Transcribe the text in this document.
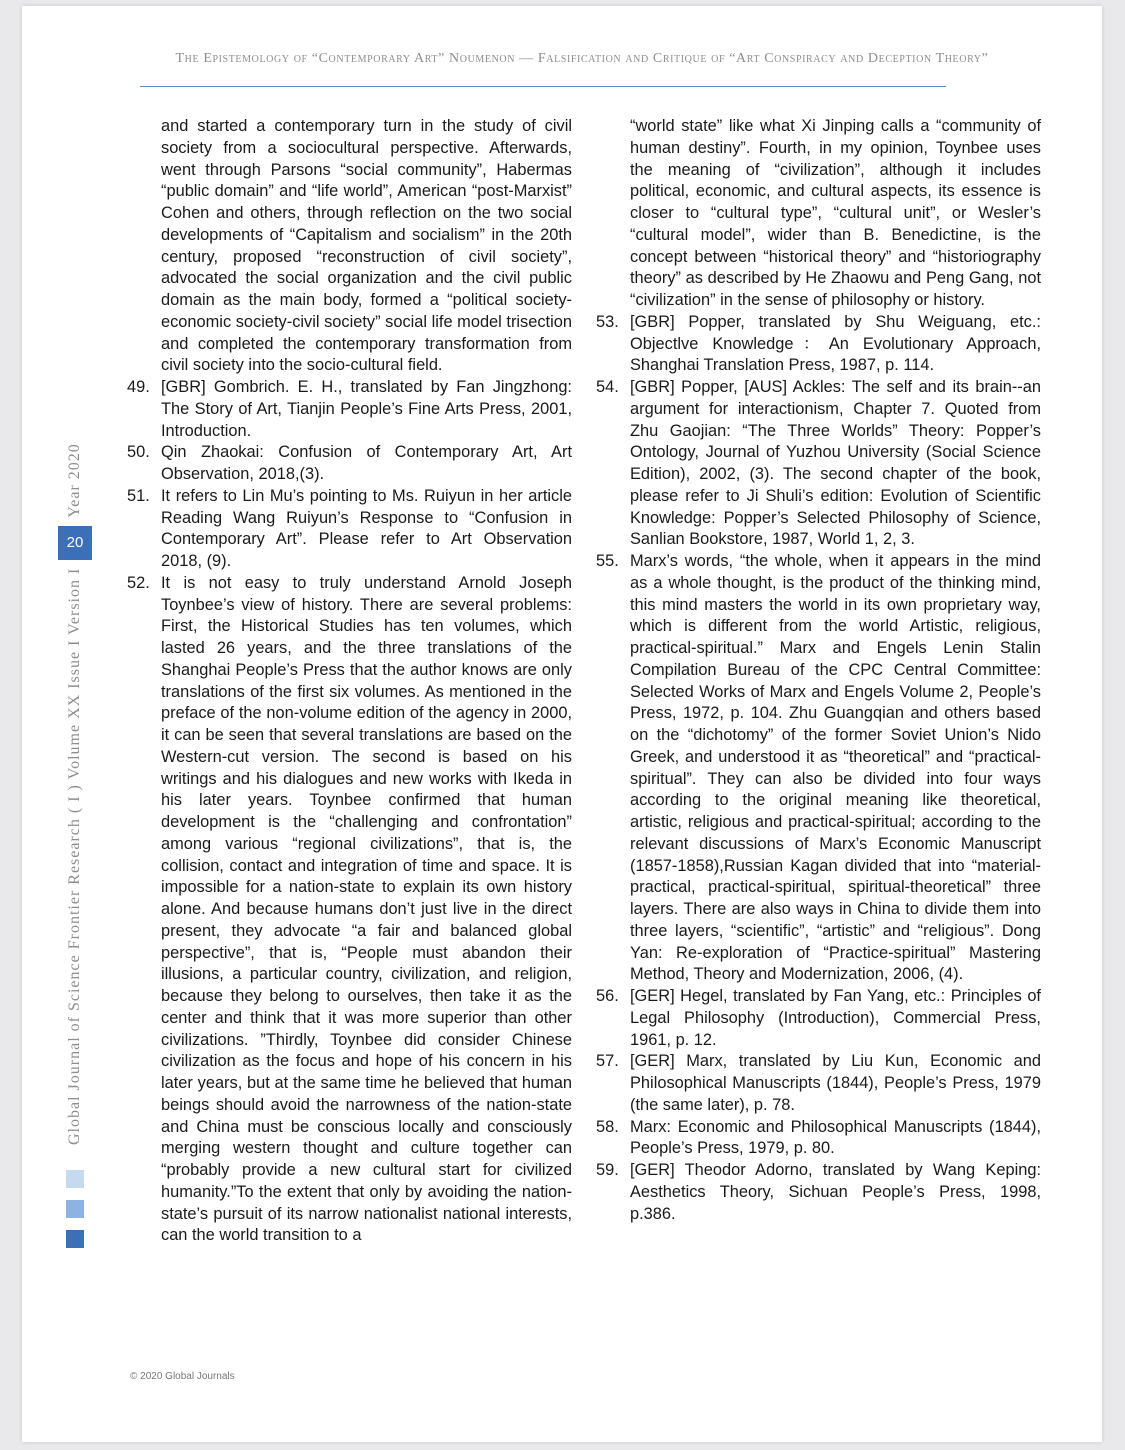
The Epistemology of “Contemporary Art” Noumenon — Falsification and Critique of “Art Conspiracy and Deception Theory”
and started a contemporary turn in the study of civil society from a sociocultural perspective. Afterwards, went through Parsons “social community”, Habermas “public domain” and “life world”, American “post-Marxist” Cohen and others, through reflection on the two social developments of “Capitalism and socialism” in the 20th century, proposed “reconstruction of civil society”, advocated the social organization and the civil public domain as the main body, formed a “political society-economic society-civil society” social life model trisection and completed the contemporary transformation from civil society into the socio-cultural field.
49. [GBR] Gombrich. E. H., translated by Fan Jingzhong: The Story of Art, Tianjin People’s Fine Arts Press, 2001, Introduction.
50. Qin Zhaokai: Confusion of Contemporary Art, Art Observation, 2018,(3).
51. It refers to Lin Mu’s pointing to Ms. Ruiyun in her article Reading Wang Ruiyun’s Response to “Confusion in Contemporary Art”. Please refer to Art Observation 2018, (9).
52. It is not easy to truly understand Arnold Joseph Toynbee’s view of history. There are several problems: First, the Historical Studies has ten volumes, which lasted 26 years, and the three translations of the Shanghai People’s Press that the author knows are only translations of the first six volumes. As mentioned in the preface of the non-volume edition of the agency in 2000, it can be seen that several translations are based on the Western-cut version. The second is based on his writings and his dialogues and new works with Ikeda in his later years. Toynbee confirmed that human development is the “challenging and confrontation” among various “regional civilizations”, that is, the collision, contact and integration of time and space. It is impossible for a nation-state to explain its own history alone. And because humans don’t just live in the direct present, they advocate “a fair and balanced global perspective”, that is, “People must abandon their illusions, a particular country, civilization, and religion, because they belong to ourselves, then take it as the center and think that it was more superior than other civilizations. ”Thirdly, Toynbee did consider Chinese civilization as the focus and hope of his concern in his later years, but at the same time he believed that human beings should avoid the narrowness of the nation-state and China must be conscious locally and consciously merging western thought and culture together can “probably provide a new cultural start for civilized humanity.”To the extent that only by avoiding the nation-state’s pursuit of its narrow nationalist national interests, can the world transition to a
“world state” like what Xi Jinping calls a “community of human destiny”. Fourth, in my opinion, Toynbee uses the meaning of “civilization”, although it includes political, economic, and cultural aspects, its essence is closer to “cultural type”, “cultural unit”, or Wesler’s “cultural model”, wider than B. Benedictine, is the concept between “historical theory” and “historiography theory” as described by He Zhaowu and Peng Gang, not “civilization” in the sense of philosophy or history.
53. [GBR] Popper, translated by Shu Weiguang, etc.: Objectlve Knowledge：An Evolutionary Approach, Shanghai Translation Press, 1987, p. 114.
54. [GBR] Popper, [AUS] Ackles: The self and its brain--an argument for interactionism, Chapter 7. Quoted from Zhu Gaojian: “The Three Worlds” Theory: Popper’s Ontology, Journal of Yuzhou University (Social Science Edition), 2002, (3). The second chapter of the book, please refer to Ji Shuli’s edition: Evolution of Scientific Knowledge: Popper’s Selected Philosophy of Science, Sanlian Bookstore, 1987, World 1, 2, 3.
55. Marx’s words, “the whole, when it appears in the mind as a whole thought, is the product of the thinking mind, this mind masters the world in its own proprietary way, which is different from the world Artistic, religious, practical-spiritual.” Marx and Engels Lenin Stalin Compilation Bureau of the CPC Central Committee: Selected Works of Marx and Engels Volume 2, People’s Press, 1972, p. 104. Zhu Guangqian and others based on the “dichotomy” of the former Soviet Union’s Nido Greek, and understood it as “theoretical” and “practical-spiritual”. They can also be divided into four ways according to the original meaning like theoretical, artistic, religious and practical-spiritual; according to the relevant discussions of Marx’s Economic Manuscript (1857-1858),Russian Kagan divided that into “material-practical, practical-spiritual, spiritual-theoretical” three layers. There are also ways in China to divide them into three layers, “scientific”, “artistic” and “religious”. Dong Yan: Re-exploration of “Practice-spiritual” Mastering Method, Theory and Modernization, 2006, (4).
56. [GER] Hegel, translated by Fan Yang, etc.: Principles of Legal Philosophy (Introduction), Commercial Press, 1961, p. 12.
57. [GER] Marx, translated by Liu Kun, Economic and Philosophical Manuscripts (1844), People’s Press, 1979 (the same later), p. 78.
58. Marx: Economic and Philosophical Manuscripts (1844), People’s Press, 1979, p. 80.
59. [GER] Theodor Adorno, translated by Wang Keping: Aesthetics Theory, Sichuan People’s Press, 1998, p.386.
© 2020 Global Journals
Global Journal of Science Frontier Research ( I ) Volume XX Issue I Version I
20
Year 2020
